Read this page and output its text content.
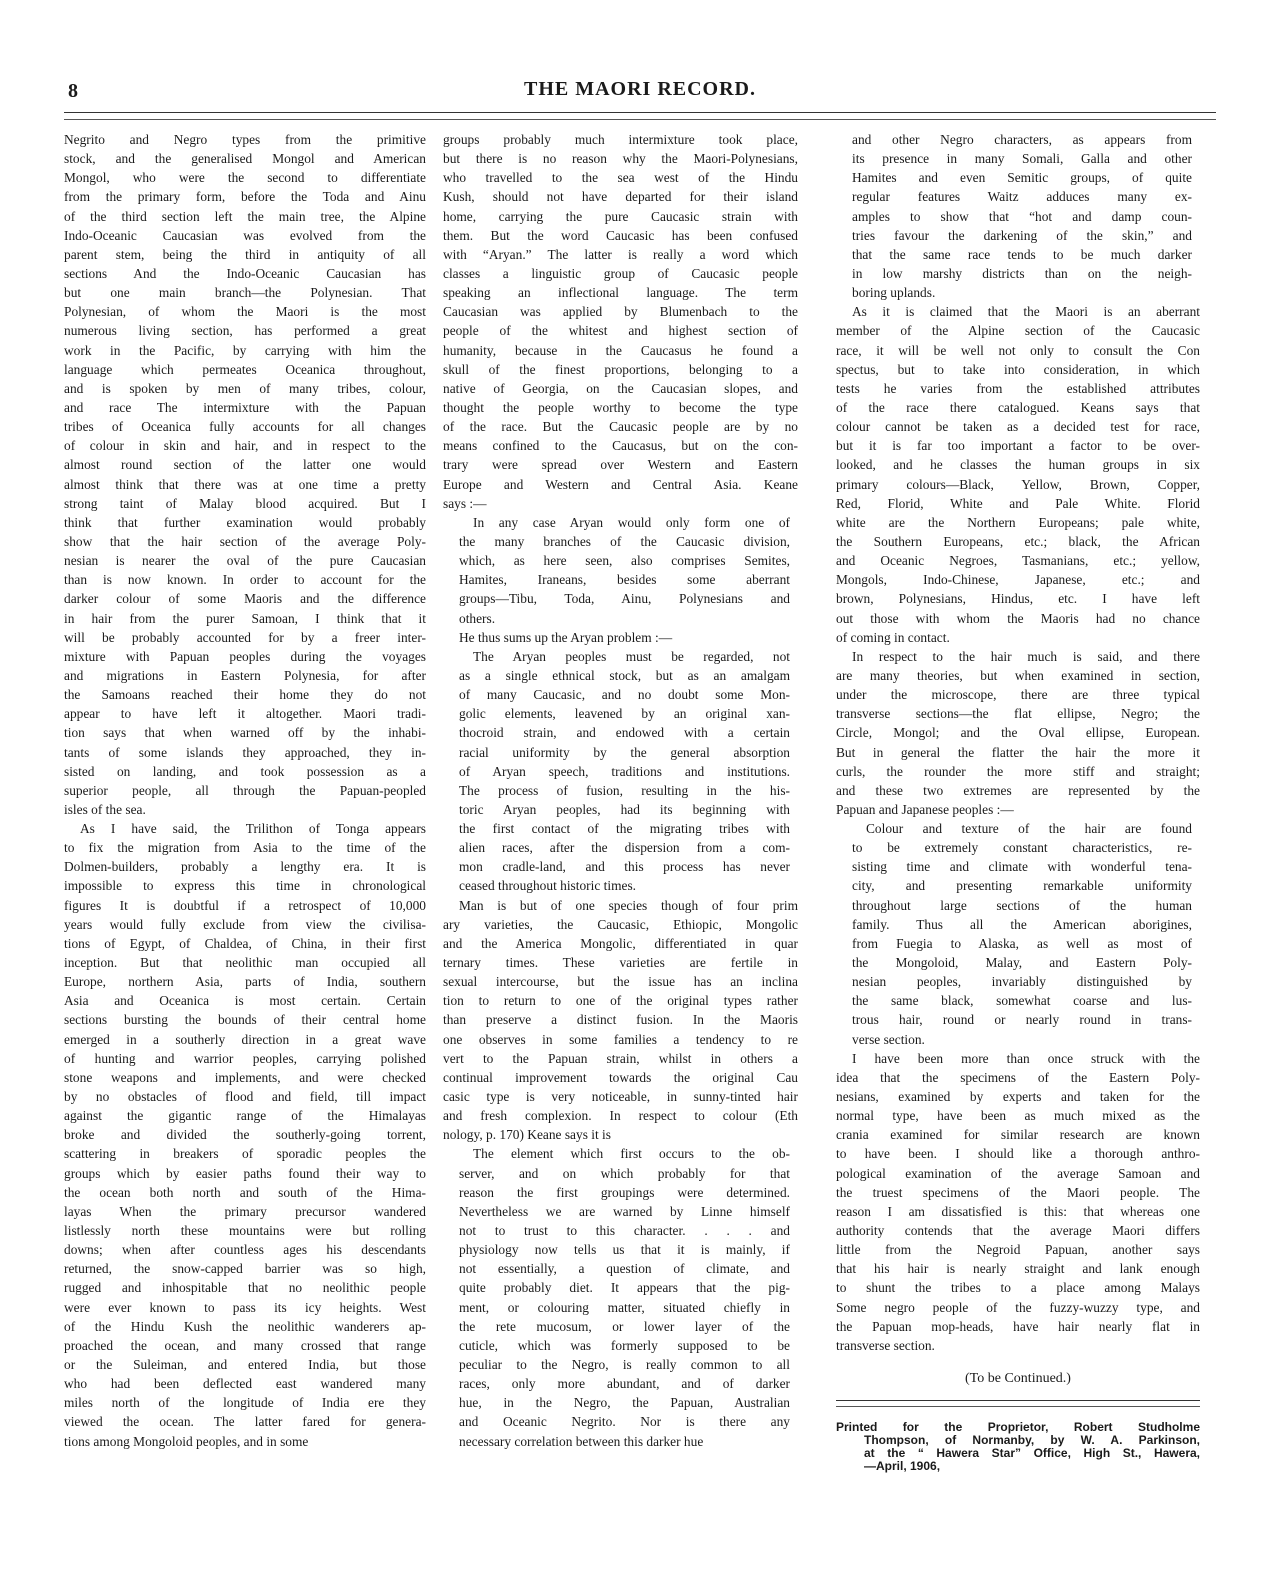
8	THE MAORI RECORD.
Negrito and Negro types from the primitive
stock, and the generalised Mongol and American
Mongol, who were the second to differentiate
from the primary form, before the Toda and Ainu
of the third section left the main tree, the Alpine
Indo-Oceanic Caucasian was evolved from the
parent stem, being the third in antiquity of all
sections And the Indo-Oceanic Caucasian has
but one main branch—the Polynesian. That
Polynesian, of whom the Maori is the most
numerous living section, has performed a great
work in the Pacific, by carrying with him the
language which permeates Oceanica throughout,
and is spoken by men of many tribes, colour,
and race The intermixture with the Papuan
tribes of Oceanica fully accounts for all changes
of colour in skin and hair, and in respect to the
almost round section of the latter one would
almost think that there was at one time a pretty
strong taint of Malay blood acquired. But I
think that further examination would probably
show that the hair section of the average Poly-
nesian is nearer the oval of the pure Caucasian
than is now known. In order to account for the
darker colour of some Maoris and the difference
in hair from the purer Samoan, I think that it
will be probably accounted for by a freer inter-
mixture with Papuan peoples during the voyages
and migrations in Eastern Polynesia, for after
the Samoans reached their home they do not
appear to have left it altogether. Maori tradi-
tion says that when warned off by the inhabi-
tants of some islands they approached, they in-
sisted on landing, and took possession as a
superior people, all through the Papuan-peopled
isles of the sea.
As I have said, the Trilithon of Tonga appears
to fix the migration from Asia to the time of the
Dolmen-builders, probably a lengthy era. It is
impossible to express this time in chronological
figures It is doubtful if a retrospect of 10,000
years would fully exclude from view the civilisa-
tions of Egypt, of Chaldea, of China, in their first
inception. But that neolithic man occupied all
Europe, northern Asia, parts of India, southern
Asia and Oceanica is most certain. Certain
sections bursting the bounds of their central home
emerged in a southerly direction in a great wave
of hunting and warrior peoples, carrying polished
stone weapons and implements, and were checked
by no obstacles of flood and field, till impact
against the gigantic range of the Himalayas
broke and divided the southerly-going torrent,
scattering in breakers of sporadic peoples the
groups which by easier paths found their way to
the ocean both north and south of the Hima-
layas When the primary precursor wandered
listlessly north these mountains were but rolling
downs; when after countless ages his descendants
returned, the snow-capped barrier was so high,
rugged and inhospitable that no neolithic people
were ever known to pass its icy heights. West
of the Hindu Kush the neolithic wanderers ap-
proached the ocean, and many crossed that range
or the Suleiman, and entered India, but those
who had been deflected east wandered many
miles north of the longitude of India ere they
viewed the ocean. The latter fared for genera-
tions among Mongoloid peoples, and in some
groups probably much intermixture took place,
but there is no reason why the Maori-Polynesians,
who travelled to the sea west of the Hindu
Kush, should not have departed for their island
home, carrying the pure Caucasic strain with
them. But the word Caucasic has been confused
with “Aryan.” The latter is really a word which
classes a linguistic group of Caucasic people
speaking an inflectional language. The term
Caucasian was applied by Blumenbach to the
people of the whitest and highest section of
humanity, because in the Caucasus he found a
skull of the finest proportions, belonging to a
native of Georgia, on the Caucasian slopes, and
thought the people worthy to become the type
of the race. But the Caucasic people are by no
means confined to the Caucasus, but on the con-
trary were spread over Western and Eastern
Europe and Western and Central Asia. Keane
says :—
In any case Aryan would only form one of
the many branches of the Caucasic division,
which, as here seen, also comprises Semites,
Hamites, Iraneans, besides some aberrant
groups—Tibu, Toda, Ainu, Polynesians and
others.
He thus sums up the Aryan problem :—
The Aryan peoples must be regarded, not
as a single ethnical stock, but as an amalgam
of many Caucasic, and no doubt some Mon-
golic elements, leavened by an original xan-
thocroid strain, and endowed with a certain
racial uniformity by the general absorption
of Aryan speech, traditions and institutions.
The process of fusion, resulting in the his-
toric Aryan peoples, had its beginning with
the first contact of the migrating tribes with
alien races, after the dispersion from a com-
mon cradle-land, and this process has never
ceased throughout historic times.
Man is but of one species though of four prim
ary varieties, the Caucasic, Ethiopic, Mongolic
and the America Mongolic, differentiated in quar
ternary times. These varieties are fertile in
sexual intercourse, but the issue has an inclina
tion to return to one of the original types rather
than preserve a distinct fusion. In the Maoris
one observes in some families a tendency to re
vert to the Papuan strain, whilst in others a
continual improvement towards the original Cau
casic type is very noticeable, in sunny-tinted hair
and fresh complexion. In respect to colour (Eth
nology, p. 170) Keane says it is
The element which first occurs to the ob-
server, and on which probably for that
reason the first groupings were determined.
Nevertheless we are warned by Linne himself
not to trust to this character. . . . and
physiology now tells us that it is mainly, if
not essentially, a question of climate, and
quite probably diet. It appears that the pig-
ment, or colouring matter, situated chiefly in
the rete mucosum, or lower layer of the
cuticle, which was formerly supposed to be
peculiar to the Negro, is really common to all
races, only more abundant, and of darker
hue, in the Negro, the Papuan, Australian
and Oceanic Negrito. Nor is there any
necessary correlation between this darker hue
and other Negro characters, as appears from
its presence in many Somali, Galla and other
Hamites and even Semitic groups, of quite
regular features Waitz adduces many ex-
amples to show that “hot and damp coun-
tries favour the darkening of the skin,” and
that the same race tends to be much darker
in low marshy districts than on the neigh-
boring uplands.
As it is claimed that the Maori is an aberrant
member of the Alpine section of the Caucasic
race, it will be well not only to consult the Con
spectus, but to take into consideration, in which
tests he varies from the established attributes
of the race there catalogued. Keans says that
colour cannot be taken as a decided test for race,
but it is far too important a factor to be over-
looked, and he classes the human groups in six
primary colours—Black, Yellow, Brown, Copper,
Red, Florid, White and Pale White. Florid
white are the Northern Europeans; pale white,
the Southern Europeans, etc.; black, the African
and Oceanic Negroes, Tasmanians, etc.; yellow,
Mongols, Indo-Chinese, Japanese, etc.; and
brown, Polynesians, Hindus, etc. I have left
out those with whom the Maoris had no chance
of coming in contact.
In respect to the hair much is said, and there
are many theories, but when examined in section,
under the microscope, there are three typical
transverse sections—the flat ellipse, Negro; the
Circle, Mongol; and the Oval ellipse, European.
But in general the flatter the hair the more it
curls, the rounder the more stiff and straight;
and these two extremes are represented by the
Papuan and Japanese peoples :—
Colour and texture of the hair are found
to be extremely constant characteristics, re-
sisting time and climate with wonderful tena-
city, and presenting remarkable uniformity
throughout large sections of the human
family. Thus all the American aborigines,
from Fuegia to Alaska, as well as most of
the Mongoloid, Malay, and Eastern Poly-
nesian peoples, invariably distinguished by
the same black, somewhat coarse and lus-
trous hair, round or nearly round in trans-
verse section.
I have been more than once struck with the
idea that the specimens of the Eastern Poly-
nesians, examined by experts and taken for the
normal type, have been as much mixed as the
crania examined for similar research are known
to have been. I should like a thorough anthro-
pological examination of the average Samoan and
the truest specimens of the Maori people. The
reason I am dissatisfied is this: that whereas one
authority contends that the average Maori differs
little from the Negroid Papuan, another says
that his hair is nearly straight and lank enough
to shunt the tribes to a place among Malays
Some negro people of the fuzzy-wuzzy type, and
the Papuan mop-heads, have hair nearly flat in
transverse section.
(To be Continued.)
Printed for the Proprietor, Robert Studholme
Thompson, of Normanby, by W. A. Parkinson,
at the “ Hawera Star” Office, High St., Hawera,
—April, 1906,
